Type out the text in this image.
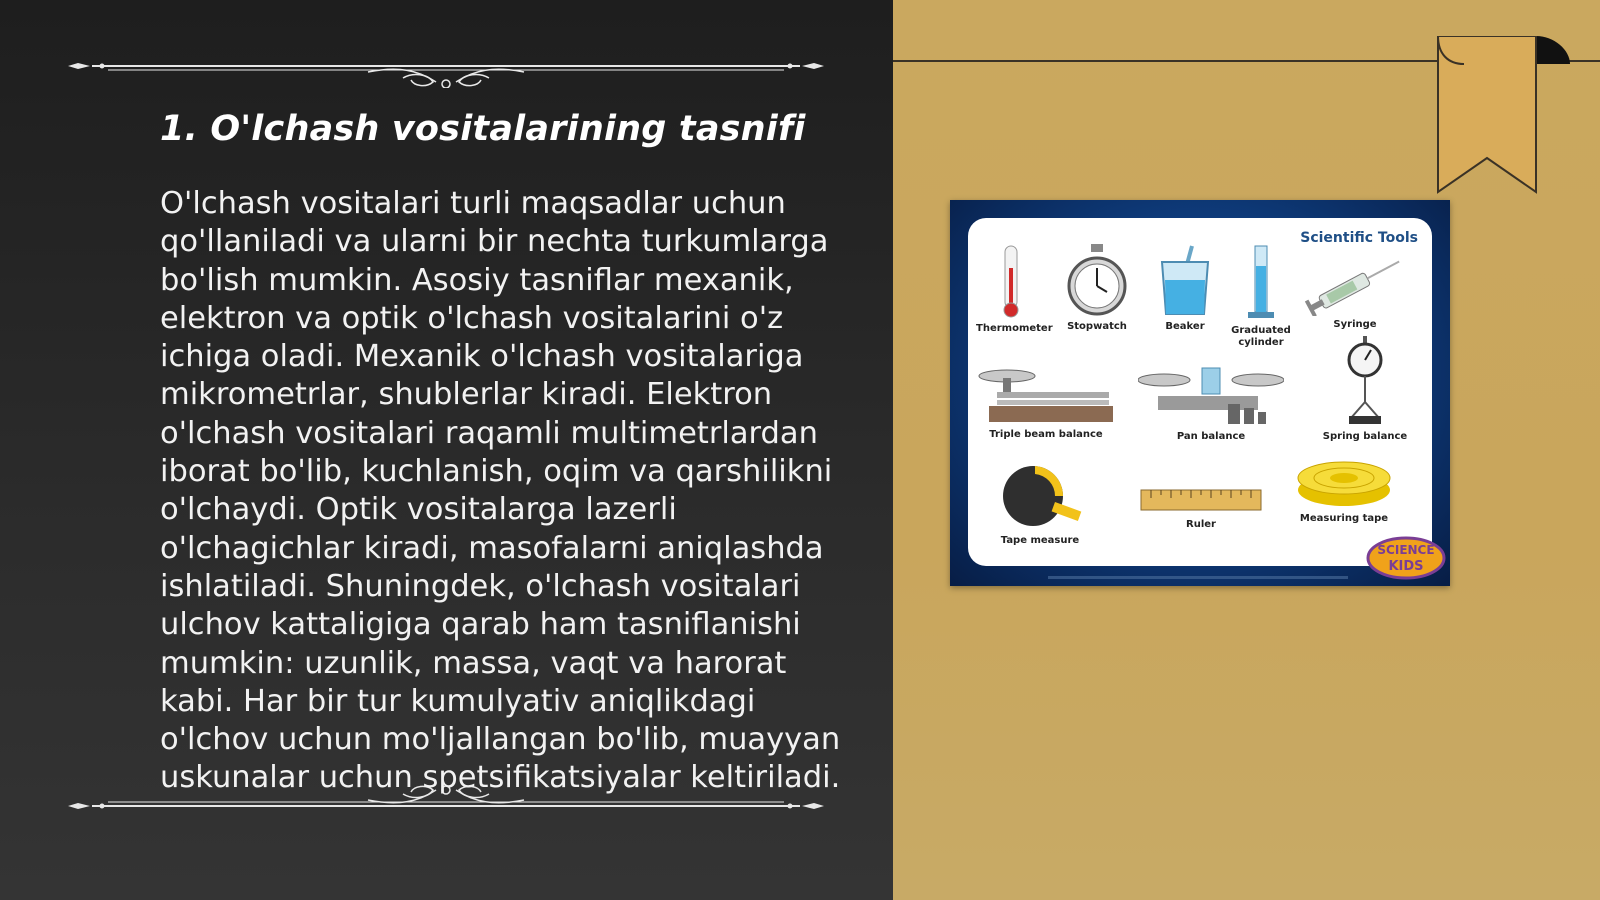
1. O'lchash vositalarining tasnifi

O'lchash vositalari turli maqsadlar uchun qo'llaniladi va ularni bir nechta turkumlarga bo'lish mumkin. Asosiy tasniflar mexanik, elektron va optik o'lchash vositalarini o'z ichiga oladi. Mexanik o'lchash vositalariga mikrometrlar, shublerlar kiradi. Elektron o'lchash vositalari raqamli multimetrlardan iborat bo'lib, kuchlanish, oqim va qarshilikni o'lchaydi. Optik vositalarga lazerli o'lchagichlar kiradi, masofalarni aniqlashda ishlatiladi. Shuningdek, o'lchash vositalari ulchov kattaligiga qarab ham tasniflanishi mumkin: uzunlik, massa, vaqt va harorat kabi. Har bir tur kumulyativ aniqlikdagi o'lchov uchun mo'ljallangan bo'lib, muayyan uskunalar uchun spetsifikatsiyalar keltiriladi.

Scientific Tools
Thermometer	Stopwatch	Beaker	Graduated cylinder
Syringe
Triple beam balance	Pan balance	Spring balance
Tape measure
Ruler
Measuring tape
SCIENCE
KIDS
